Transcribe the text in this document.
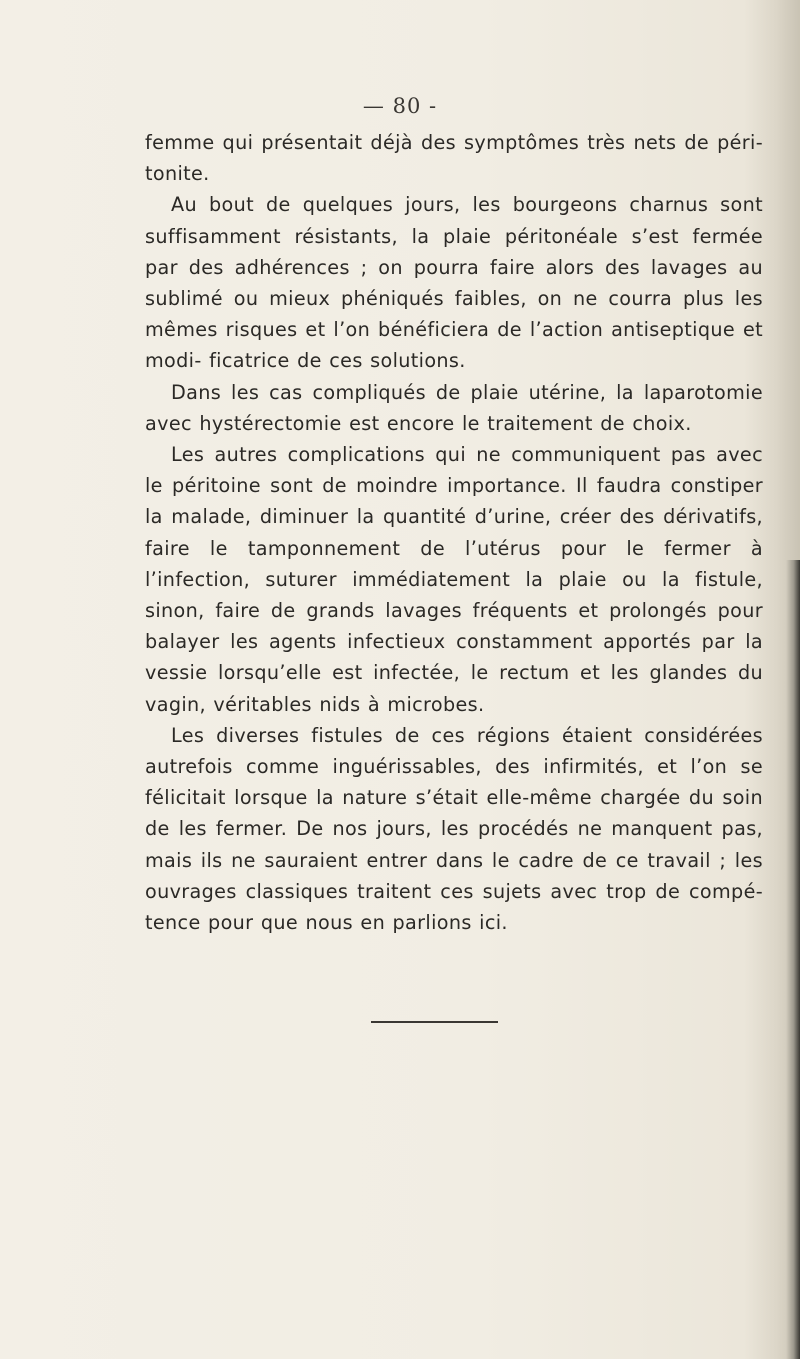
— 80 -

femme qui présentait déjà des symptômes très nets de péri- tonite.

Au bout de quelques jours, les bourgeons charnus sont suffisamment résistants, la plaie péritonéale s’est fermée par des adhérences ; on pourra faire alors des lavages au sublimé ou mieux phéniqués faibles, on ne courra plus les mêmes risques et l’on bénéficiera de l’action antiseptique et modi- ficatrice de ces solutions.

Dans les cas compliqués de plaie utérine, la laparotomie avec hystérectomie est encore le traitement de choix.

Les autres complications qui ne communiquent pas avec le péritoine sont de moindre importance. Il faudra constiper la malade, diminuer la quantité d’urine, créer des dérivatifs, faire le tamponnement de l’utérus pour le fermer à l’infection, suturer immédiatement la plaie ou la fistule, sinon, faire de grands lavages fréquents et prolongés pour balayer les agents infectieux constamment apportés par la vessie lorsqu’elle est infectée, le rectum et les glandes du vagin, véritables nids à microbes.

Les diverses fistules de ces régions étaient considérées autrefois comme inguérissables, des infirmités, et l’on se félicitait lorsque la nature s’était elle-même chargée du soin de les fermer. De nos jours, les procédés ne manquent pas, mais ils ne sauraient entrer dans le cadre de ce travail ; les ouvrages classiques traitent ces sujets avec trop de compé- tence pour que nous en parlions ici.
